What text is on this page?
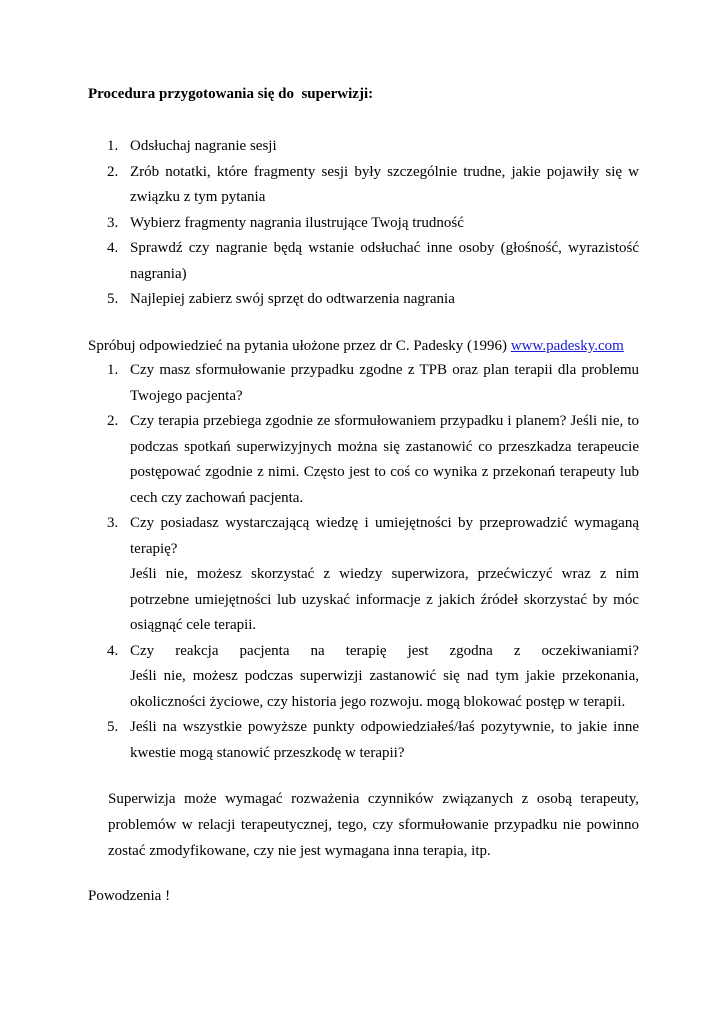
Procedura przygotowania się do  superwizji:
1. Odsłuchaj nagranie sesji
2. Zrób notatki, które fragmenty sesji były szczególnie trudne, jakie pojawiły się w związku z tym pytania
3. Wybierz fragmenty nagrania ilustrujące Twoją trudność
4. Sprawdź czy nagranie będą wstanie odsłuchać inne osoby (głośność, wyrazistość nagrania)
5. Najlepiej zabierz swój sprzęt do odtwarzenia nagrania
Spróbuj odpowiedzieć na pytania ułożone przez dr C. Padesky (1996) www.padesky.com
1. Czy masz sformułowanie przypadku zgodne z TPB oraz plan terapii dla problemu Twojego pacjenta?
2. Czy terapia przebiega zgodnie ze sformułowaniem przypadku i planem? Jeśli nie, to podczas spotkań superwizyjnych można się zastanowić co przeszkadza terapeucie postępować zgodnie z nimi. Często jest to coś co wynika z przekonań terapeuty lub cech czy zachowań pacjenta.
3. Czy posiadasz wystarczającą wiedzę i umiejętności by przeprowadzić wymaganą terapię?
Jeśli nie, możesz skorzystać z wiedzy superwizora, przećwiczyć wraz z nim potrzebne umiejętności lub uzyskać informacje z jakich źródeł skorzystać by móc osiągnąć cele terapii.
4. Czy reakcja pacjenta na terapię jest zgodna z oczekiwaniami?
Jeśli nie, możesz podczas superwizji zastanowić się nad tym jakie przekonania, okoliczności życiowe, czy historia jego rozwoju. mogą blokować postęp w terapii.
5. Jeśli na wszystkie powyższe punkty odpowiedziałeś/łaś pozytywnie, to jakie inne kwestie mogą stanowić przeszkodę w terapii?
Superwizja może wymagać rozważenia czynników związanych z osobą terapeuty, problemów w relacji terapeutycznej, tego, czy sformułowanie przypadku nie powinno zostać zmodyfikowane, czy nie jest wymagana inna terapia, itp.
Powodzenia !
